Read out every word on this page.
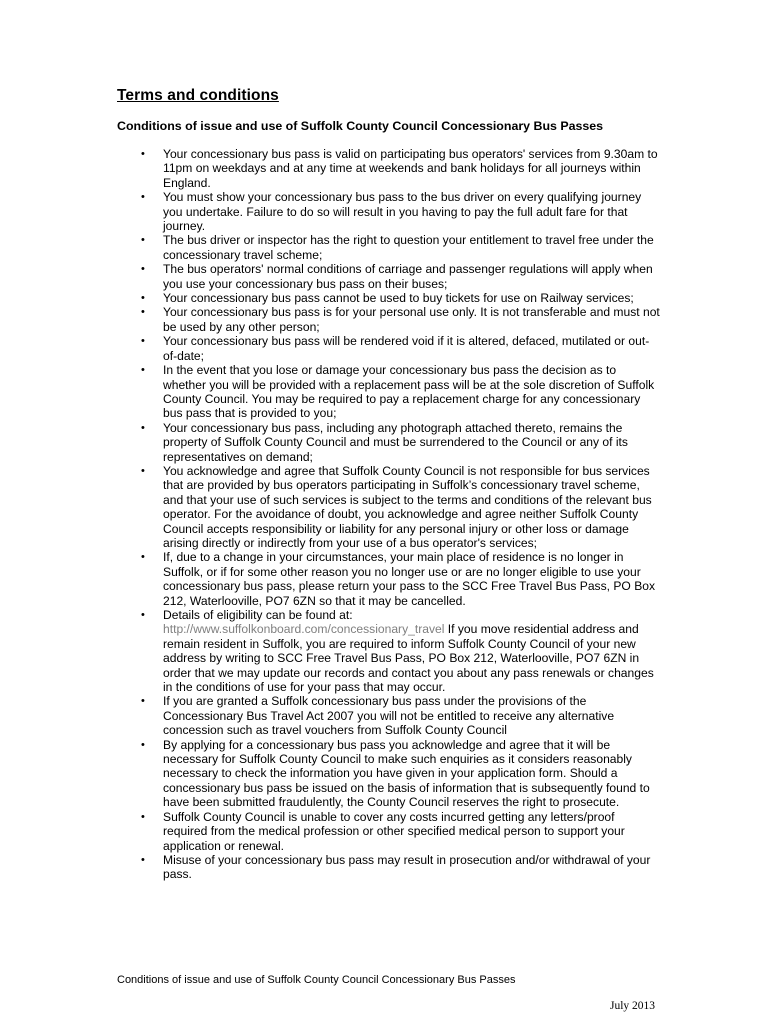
Terms and conditions
Conditions of issue and use of Suffolk County Council Concessionary Bus Passes
• Your concessionary bus pass is valid on participating bus operators' services from 9.30am to 11pm on weekdays and at any time at weekends and bank holidays for all journeys within England.
• You must show your concessionary bus pass to the bus driver on every qualifying journey you undertake. Failure to do so will result in you having to pay the full adult fare for that journey.
• The bus driver or inspector has the right to question your entitlement to travel free under the concessionary travel scheme;
• The bus operators' normal conditions of carriage and passenger regulations will apply when you use your concessionary bus pass on their buses;
• Your concessionary bus pass cannot be used to buy tickets for use on Railway services;
• Your concessionary bus pass is for your personal use only. It is not transferable and must not be used by any other person;
• Your concessionary bus pass will be rendered void if it is altered, defaced, mutilated or out-of-date;
• In the event that you lose or damage your concessionary bus pass the decision as to whether you will be provided with a replacement pass will be at the sole discretion of Suffolk County Council. You may be required to pay a replacement charge for any concessionary bus pass that is provided to you;
• Your concessionary bus pass, including any photograph attached thereto, remains the property of Suffolk County Council and must be surrendered to the Council or any of its representatives on demand;
• You acknowledge and agree that Suffolk County Council is not responsible for bus services that are provided by bus operators participating in Suffolk’s concessionary travel scheme, and that your use of such services is subject to the terms and conditions of the relevant bus operator. For the avoidance of doubt, you acknowledge and agree neither Suffolk County Council accepts responsibility or liability for any personal injury or other loss or damage arising directly or indirectly from your use of a bus operator's services;
• If, due to a change in your circumstances, your main place of residence is no longer in Suffolk, or if for some other reason you no longer use or are no longer eligible to use your concessionary bus pass, please return your pass to the SCC Free Travel Bus Pass, PO Box 212, Waterlooville, PO7 6ZN so that it may be cancelled.
• Details of eligibility can be found at:
http://www.suffolkonboard.com/concessionary_travel If you move residential address and remain resident in Suffolk, you are required to inform Suffolk County Council of your new address by writing to SCC Free Travel Bus Pass, PO Box 212, Waterlooville, PO7 6ZN in order that we may update our records and contact you about any pass renewals or changes in the conditions of use for your pass that may occur.
• If you are granted a Suffolk concessionary bus pass under the provisions of the Concessionary Bus Travel Act 2007 you will not be entitled to receive any alternative concession such as travel vouchers from Suffolk County Council
• By applying for a concessionary bus pass you acknowledge and agree that it will be necessary for Suffolk County Council to make such enquiries as it considers reasonably necessary to check the information you have given in your application form. Should a concessionary bus pass be issued on the basis of information that is subsequently found to have been submitted fraudulently, the County Council reserves the right to prosecute.
• Suffolk County Council is unable to cover any costs incurred getting any letters/proof required from the medical profession or other specified medical person to support your application or renewal.
• Misuse of your concessionary bus pass may result in prosecution and/or withdrawal of your pass.

Conditions of issue and use of Suffolk County Council Concessionary Bus Passes

July 2013
